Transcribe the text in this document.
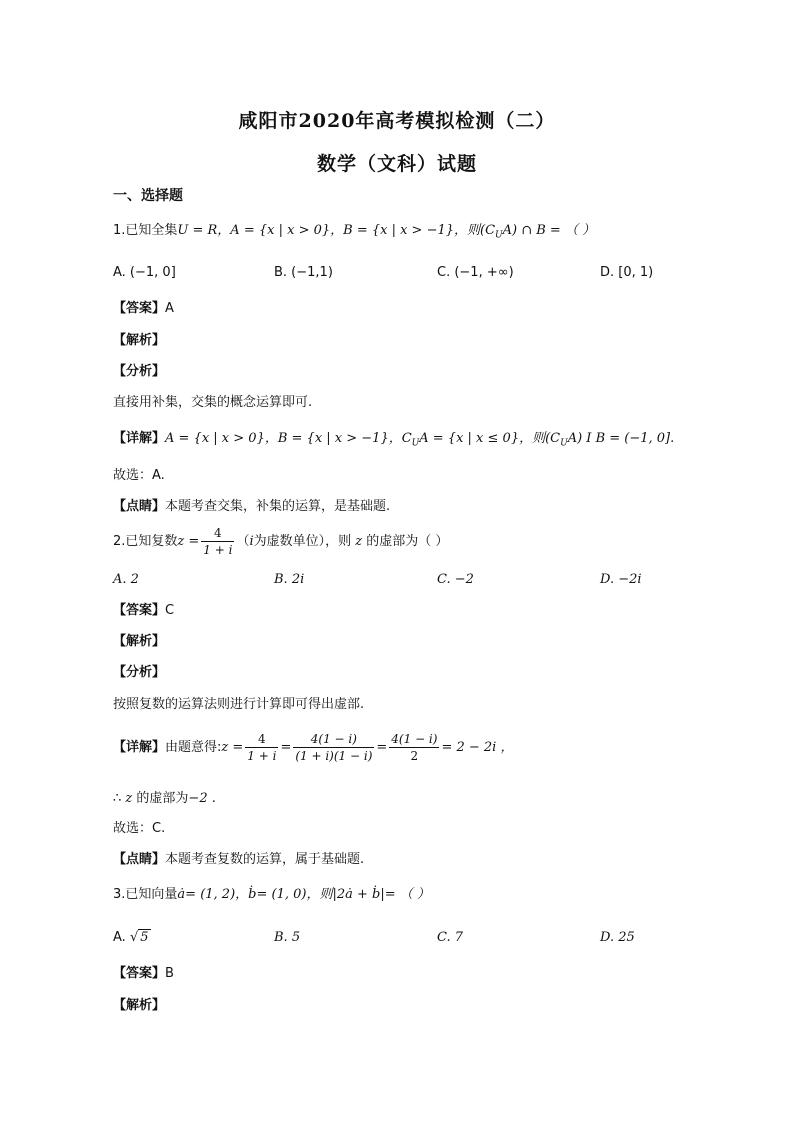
咸阳市2020年高考模拟检测（二）
数学（文科）试题
一、选择题
1.已知全集U = R，A = {x | x > 0}，B = {x | x > −1}，则$(C_UA)$ ∩ B = （ ）
A. (−1, 0]	B. (−1,1)	C. (−1, +∞)	D. [0, 1)
【答案】A
【解析】
【分析】
直接用补集，交集的概念运算即可.
【详解】A = {x | x > 0}，B = {x | x > −1}，$C_UA = \{x$ | x ≤ 0}，则$(C_UA)$ I B = (−1, 0].
故选：A.
【点睛】本题考查交集，补集的运算，是基础题.
2.已知复数$z = \frac{4}{1 + i} (i$为虚数单位），则 z 的虚部为（ ）
A. 2	B. 2i	C. −2	D. −2i
【答案】C
【解析】
【分析】
按照复数的运算法则进行计算即可得出虚部.
【详解】由题意得:z = $\frac{4}{1 + i} = \frac{4(1 - i)}{(1 + i)(1 - i)} = \frac{4(1 - i)}{2} = 2 - 2i$ ，
∴ z 的虚部为−2 .
故选：C.
【点睛】本题考查复数的运算，属于基础题.
3.已知向量ȧ= (1, 2)，ḃ= (1, 0)，则|2ȧ + ḃ|= （ ）
A. √ 5	B. 5	C. 7	D. 25
【答案】B
【解析】
